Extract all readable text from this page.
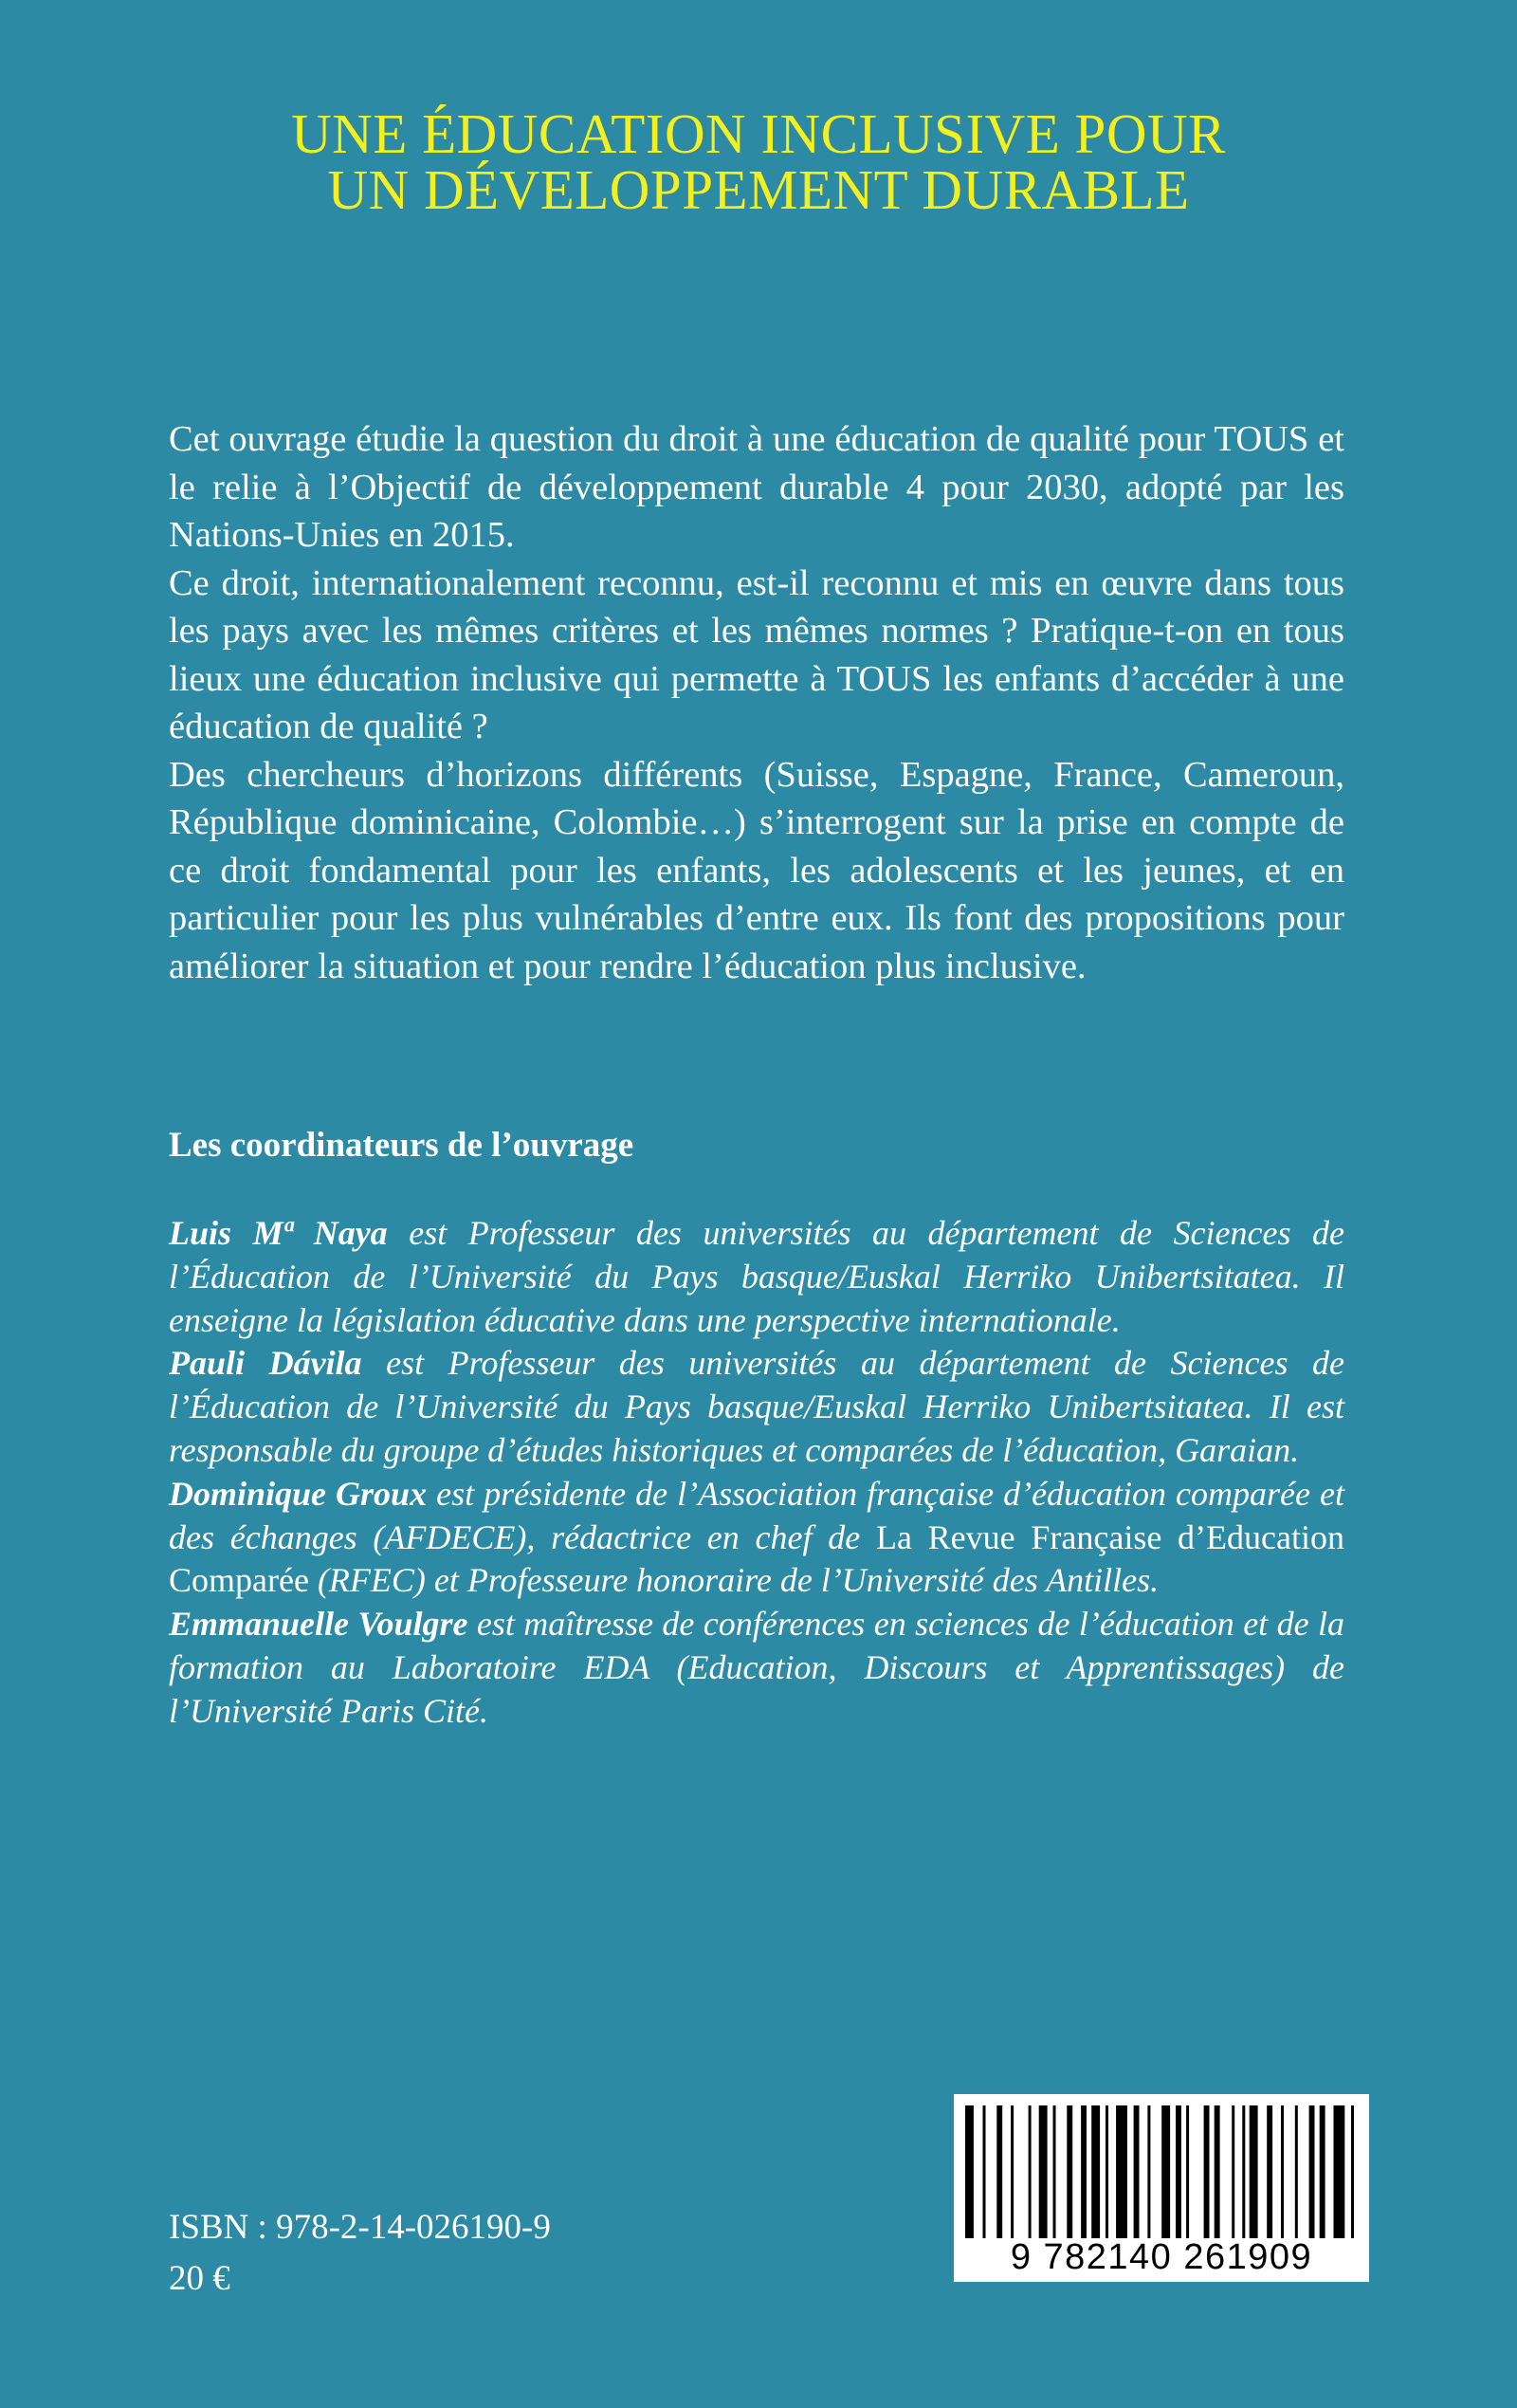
UNE ÉDUCATION INCLUSIVE POUR
UN DÉVELOPPEMENT DURABLE

Cet ouvrage étudie la question du droit à une éducation de qualité pour TOUS et le relie à l’Objectif de développement durable 4 pour 2030, adopté par les Nations-Unies en 2015.

Ce droit, internationalement reconnu, est-il reconnu et mis en œuvre dans tous les pays avec les mêmes critères et les mêmes normes ? Pratique-t-on en tous lieux une éducation inclusive qui permette à TOUS les enfants d’accéder à une éducation de qualité ?

Des chercheurs d’horizons différents (Suisse, Espagne, France, Cameroun, République dominicaine, Colombie…) s’interrogent sur la prise en compte de ce droit fondamental pour les enfants, les adolescents et les jeunes, et en particulier pour les plus vulnérables d’entre eux. Ils font des propositions pour améliorer la situation et pour rendre l’éducation plus inclusive.

Les coordinateurs de l’ouvrage

Luis Mª Naya est Professeur des universités au département de Sciences de l’Éducation de l’Université du Pays basque/Euskal Herriko Unibertsitatea. Il enseigne la législation éducative dans une perspective internationale.

Pauli Dávila est Professeur des universités au département de Sciences de l’Éducation de l’Université du Pays basque/Euskal Herriko Unibertsitatea. Il est responsable du groupe d’études historiques et comparées de l’éducation, Garaian.

Dominique Groux est présidente de l’Association française d’éducation comparée et des échanges (AFDECE), rédactrice en chef de La Revue Française d’Education Comparée (RFEC) et Professeure honoraire de l’Université des Antilles.

Emmanuelle Voulgre est maîtresse de conférences en sciences de l’éducation et de la formation au Laboratoire EDA (Education, Discours et Apprentissages) de l’Université Paris Cité.

ISBN : 978-2-14-026190-9
20 €
9 782140 261909
